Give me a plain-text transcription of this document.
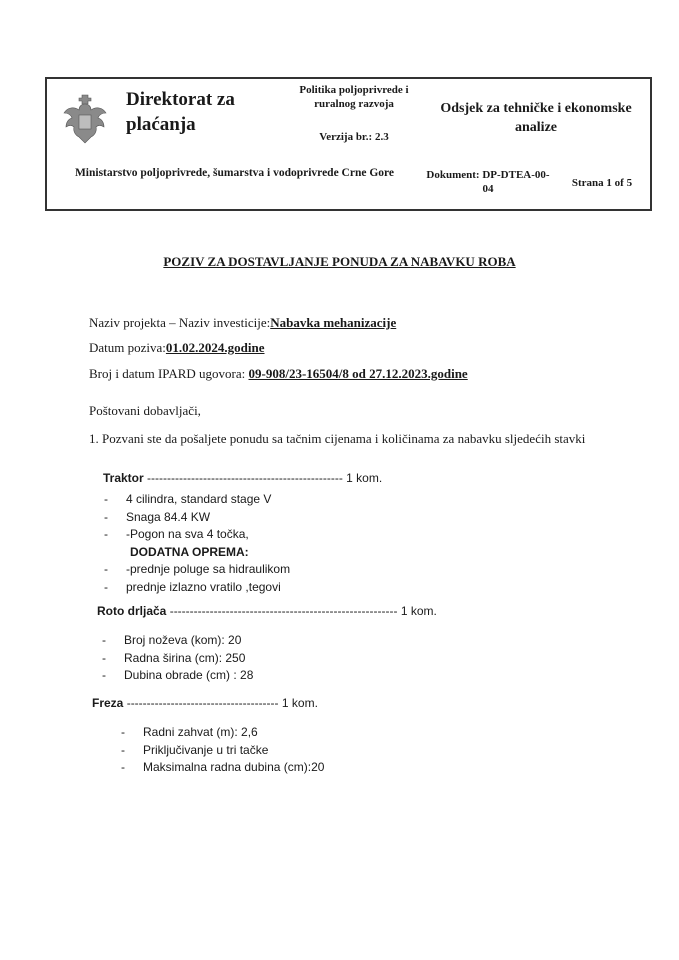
Direktorat za plaćanja
Politika poljoprivrede i ruralnog razvoja
Verzija br.: 2.3
Odsjek za tehničke i ekonomske analize
Ministarstvo poljoprivrede, šumarstva i vodoprivrede Crne Gore	Dokument: DP-DTEA-00-04	Strana 1 of 5
POZIV ZA DOSTAVLJANJE PONUDA ZA NABAVKU ROBA
Naziv projekta – Naziv investicije:Nabavka mehanizacije
Datum poziva:01.02.2024.godine
Broj i datum IPARD ugovora: 09-908/23-16504/8 od 27.12.2023.godine
Poštovani dobavljači,
1. Pozvani ste da pošaljete ponudu sa tačnim cijenama i količinama za nabavku sljedećih stavki
Traktor ------------------------------------------------- 1 kom.
- 4 cilindra, standard stage V
- Snaga 84.4 KW
- -Pogon na sva 4 točka,
DODATNA OPREMA:
- -prednje poluge sa hidraulikom
- prednje izlazno vratilo ,tegovi
Roto drljača --------------------------------------------------------- 1 kom.
- Broj noževa (kom): 20
- Radna širina (cm): 250
- Dubina obrade (cm) : 28
Freza -------------------------------------- 1 kom.
- Radni zahvat (m): 2,6
- Priključivanje u tri tačke
- Maksimalna radna dubina (cm):20
